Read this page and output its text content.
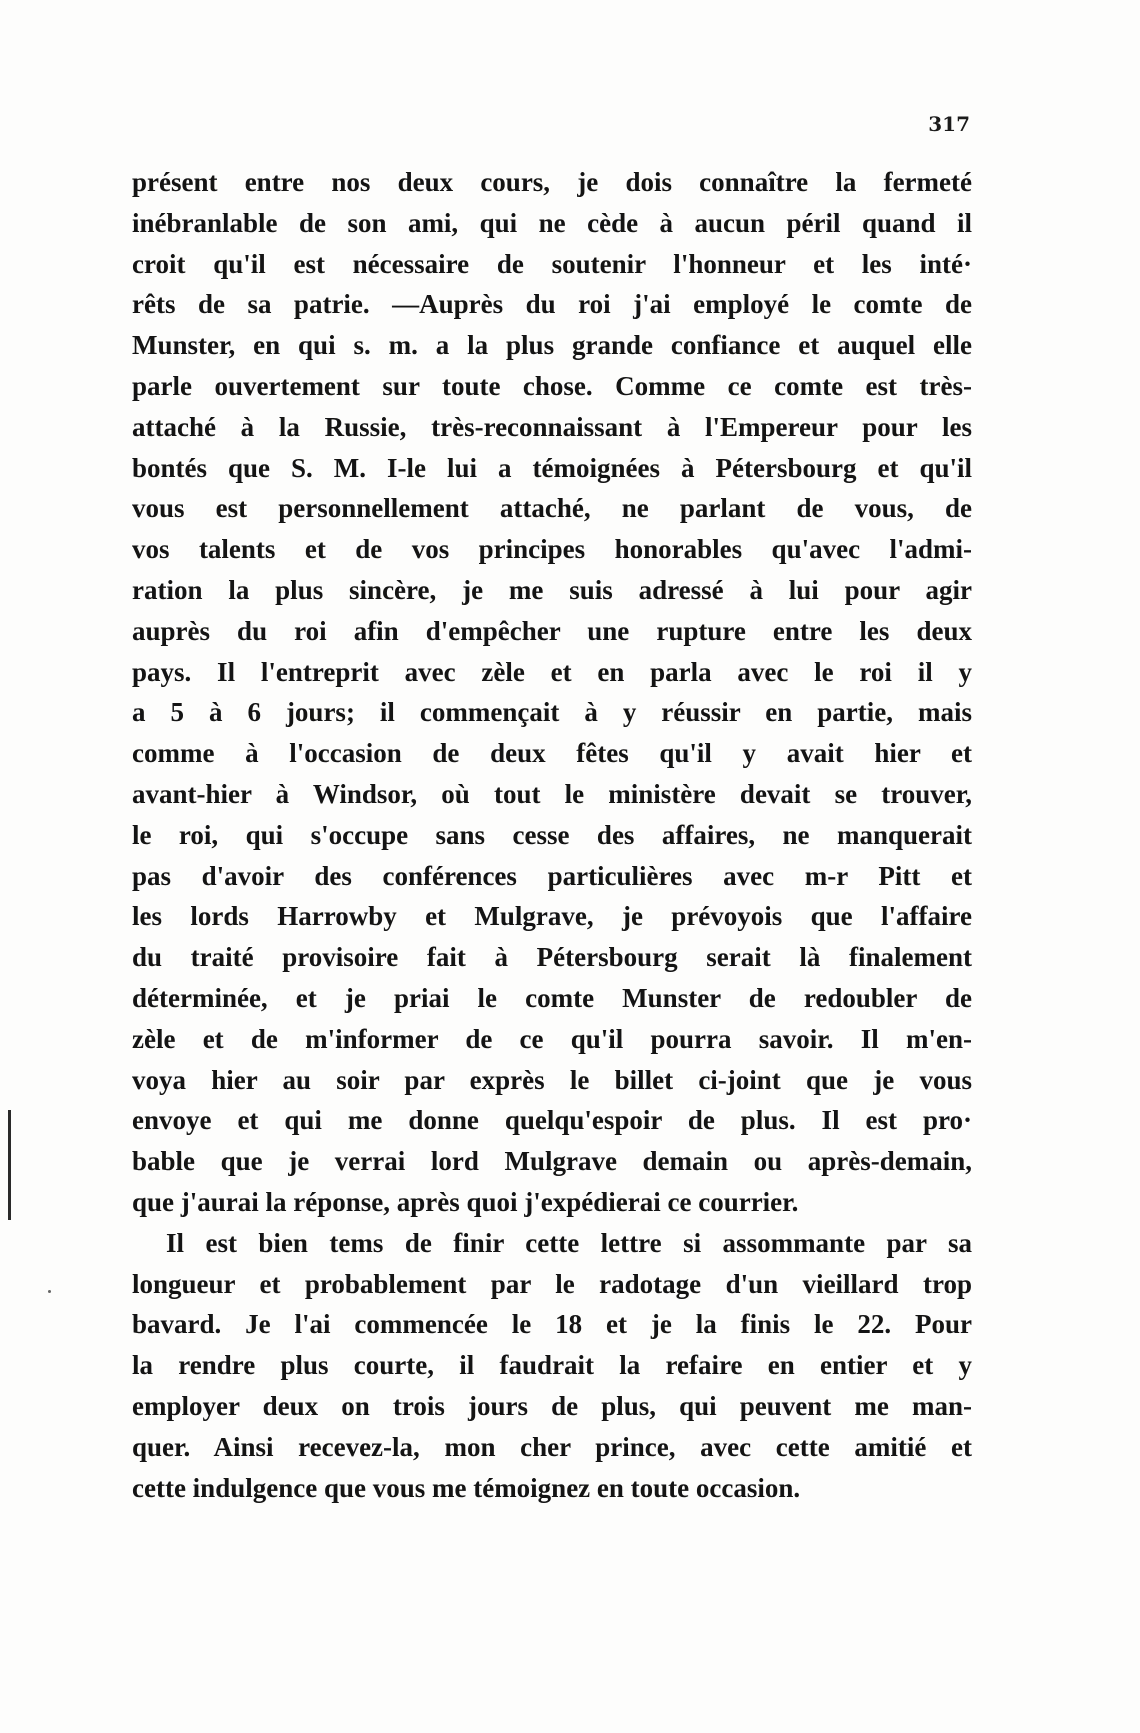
317
présent entre nos deux cours, je dois connaître la fermeté
inébranlable de son ami, qui ne cède à aucun péril quand il
croit qu'il est nécessaire de soutenir l'honneur et les inté·
rêts de sa patrie. —Auprès du roi j'ai employé le comte de
Munster, en qui s. m. a la plus grande confiance et auquel elle
parle ouvertement sur toute chose. Comme ce comte est très-
attaché à la Russie, très-reconnaissant à l'Empereur pour les
bontés que S. M. I-le lui a témoignées à Pétersbourg et qu'il
vous est personnellement attaché, ne parlant de vous, de
vos talents et de vos principes honorables qu'avec l'admi-
ration la plus sincère, je me suis adressé à lui pour agir
auprès du roi afin d'empêcher une rupture entre les deux
pays. Il l'entreprit avec zèle et en parla avec le roi il y
a 5 à 6 jours; il commençait à y réussir en partie, mais
comme à l'occasion de deux fêtes qu'il y avait hier et
avant-hier à Windsor, où tout le ministère devait se trouver,
le roi, qui s'occupe sans cesse des affaires, ne manquerait
pas d'avoir des conférences particulières avec m-r Pitt et
les lords Harrowby et Mulgrave, je prévoyois que l'affaire
du traité provisoire fait à Pétersbourg serait là finalement
déterminée, et je priai le comte Munster de redoubler de
zèle et de m'informer de ce qu'il pourra savoir. Il m'en-
voya hier au soir par exprès le billet ci-joint que je vous
envoye et qui me donne quelqu'espoir de plus. Il est pro·
bable que je verrai lord Mulgrave demain ou après-demain,
que j'aurai la réponse, après quoi j'expédierai ce courrier.
Il est bien tems de finir cette lettre si assommante par sa
longueur et probablement par le radotage d'un vieillard trop
bavard. Je l'ai commencée le 18 et je la finis le 22. Pour
la rendre plus courte, il faudrait la refaire en entier et y
employer deux on trois jours de plus, qui peuvent me man-
quer. Ainsi recevez-la, mon cher prince, avec cette amitié et
cette indulgence que vous me témoignez en toute occasion.
